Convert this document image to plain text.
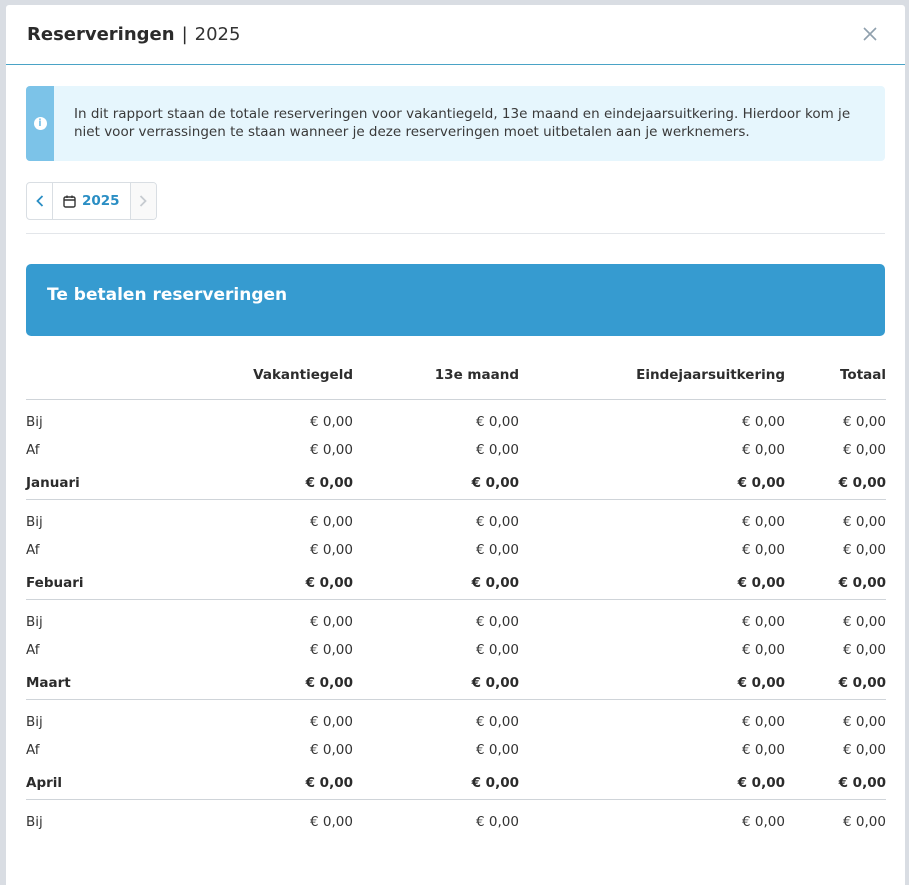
Reserveringen | 2025
i
In dit rapport staan de totale reserveringen voor vakantiegeld, 13e maand en eindejaarsuitkering. Hierdoor kom je niet voor verrassingen te staan wanneer je deze reserveringen moet uitbetalen aan je werknemers.
2025
Te betalen reserveringen
	Vakantiegeld	13e maand	Eindejaarsuitkering	Totaal
Bij	€ 0,00	€ 0,00	€ 0,00	€ 0,00
Af	€ 0,00	€ 0,00	€ 0,00	€ 0,00
Januari	€ 0,00	€ 0,00	€ 0,00	€ 0,00
Bij	€ 0,00	€ 0,00	€ 0,00	€ 0,00
Af	€ 0,00	€ 0,00	€ 0,00	€ 0,00
Febuari	€ 0,00	€ 0,00	€ 0,00	€ 0,00
Bij	€ 0,00	€ 0,00	€ 0,00	€ 0,00
Af	€ 0,00	€ 0,00	€ 0,00	€ 0,00
Maart	€ 0,00	€ 0,00	€ 0,00	€ 0,00
Bij	€ 0,00	€ 0,00	€ 0,00	€ 0,00
Af	€ 0,00	€ 0,00	€ 0,00	€ 0,00
April	€ 0,00	€ 0,00	€ 0,00	€ 0,00
Bij	€ 0,00	€ 0,00	€ 0,00	€ 0,00
